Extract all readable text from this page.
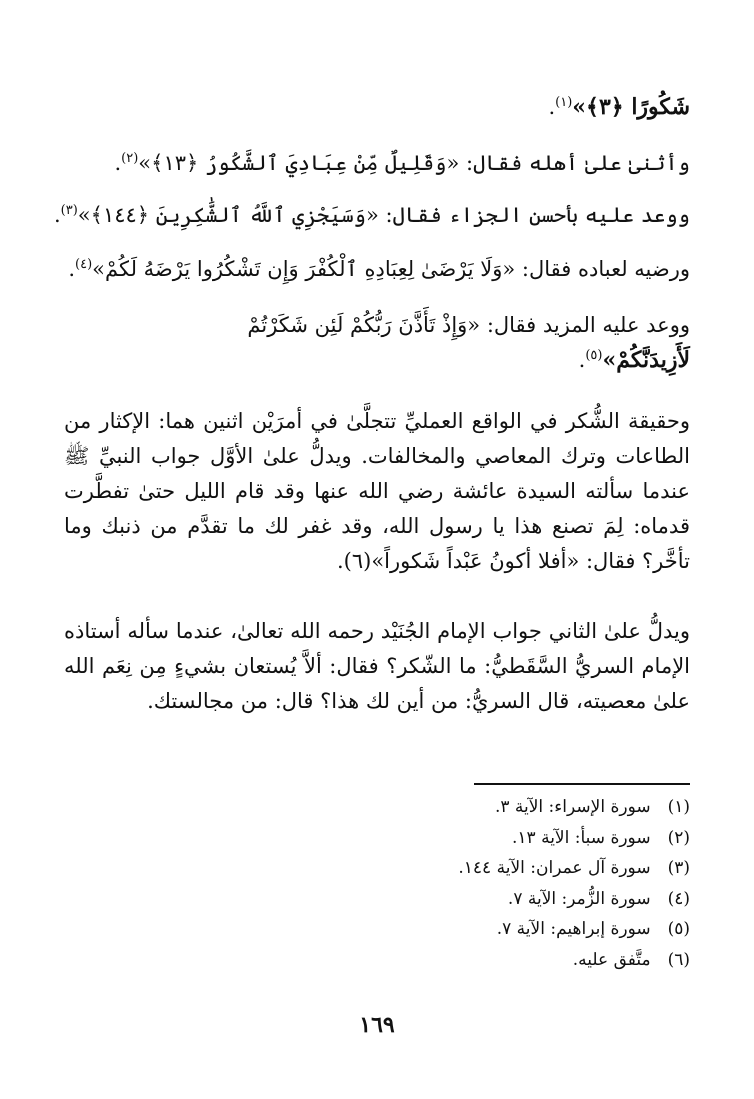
شَكُورًا ﴿٣﴾»$^{(١)}$.
وأثنىٰ علىٰ أهله فقال: «وَقَلِيلٌ مِّنْ عِبَادِيَ ٱلشَّكُورُ ﴿١٣﴾»$^{(٢)}$.
ووعد عليه بأحسن الجزاء فقال: «وَسَيَجْزِي ٱللَّهُ ٱلشَّٰكِرِينَ ﴿١٤٤﴾»$^{(٣)}$.
ورضيه لعباده فقال: «وَلَا يَرْضَىٰ لِعِبَادِهِ ٱلْكُفْرَ وَإِن تَشْكُرُوا يَرْضَهُ لَكُمْ»$^{(٤)}$.
ووعد عليه المزيد فقال: «وَإِذْ تَأَذَّنَ رَبُّكُمْ لَئِن شَكَرْتُمْ
لَأَزِيدَنَّكُمْ»$^{(٥)}$.

وحقيقة الشُّكر في الواقع العمليِّ تتجلَّىٰ في أمرَيْن اثنين هما: الإكثار من الطاعات وترك المعاصي والمخالفات. ويدلُّ علىٰ الأوَّل جواب النبيِّ ﷺ عندما سألته السيدة عائشة رضي الله عنها وقد قام الليل حتىٰ تفطَّرت قدماه: لِمَ تصنع هذا يا رسول الله، وقد غفر لك ما تقدَّم من ذنبك وما تأخَّر؟ فقال: «أفلا أكونُ عَبْداً شَكوراً»(٦).

ويدلُّ علىٰ الثاني جواب الإمام الجُنَيْد رحمه الله تعالىٰ، عندما سأله أستاذه الإمام السريُّ السَّقَطيُّ: ما الشّكر؟ فقال: ألاَّ يُستعان بشيءٍ مِن نِعَم الله علىٰ معصيته، قال السريُّ: من أين لك هذا؟ قال: من مجالستك.

(١) سورة الإسراء: الآية ٣.
(٢) سورة سبأ: الآية ١٣.
(٣) سورة آل عمران: الآية ١٤٤.
(٤) سورة الزُّمر: الآية ٧.
(٥) سورة إبراهيم: الآية ٧.
(٦) متَّفق عليه.
١٦٩
